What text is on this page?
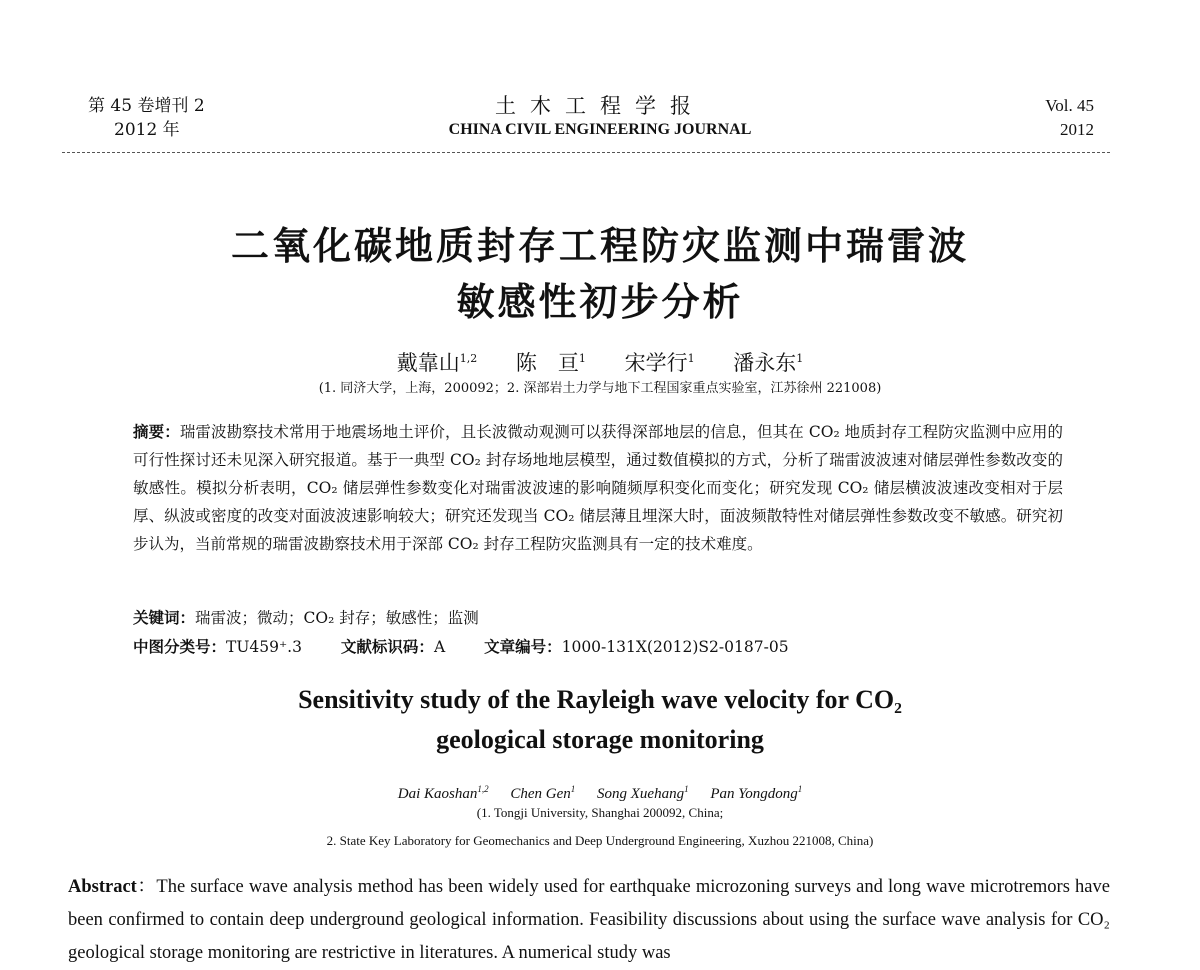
第 45 卷增刊 2
2012 年
土木工程学报
CHINA CIVIL ENGINEERING JOURNAL
Vol. 45
2012
二氧化碳地质封存工程防灾监测中瑞雷波
敏感性初步分析
戴靠山$^{1,2}$ 陈　亘$^1$ 宋学行$^1$ 潘永东$^1$
(1. 同济大学，上海，200092；2. 深部岩土力学与地下工程国家重点实验室，江苏徐州 221008)
摘要：瑞雷波勘察技术常用于地震场地土评价，且长波微动观测可以获得深部地层的信息，但其在 CO₂ 地质封存工程防灾监测中应用的可行性探讨还未见深入研究报道。基于一典型 CO₂ 封存场地地层模型，通过数值模拟的方式，分析了瑞雷波波速对储层弹性参数改变的敏感性。模拟分析表明，CO₂ 储层弹性参数变化对瑞雷波波速的影响随频厚积变化而变化；研究发现 CO₂ 储层横波波速改变相对于层厚、纵波或密度的改变对面波波速影响较大；研究还发现当 CO₂ 储层薄且埋深大时，面波频散特性对储层弹性参数改变不敏感。研究初步认为，当前常规的瑞雷波勘察技术用于深部 CO₂ 封存工程防灾监测具有一定的技术难度。
关键词：瑞雷波；微动；CO₂ 封存；敏感性；监测
中图分类号：TU459⁺.3	文献标识码：A	文章编号：1000-131X(2012)S2-0187-05
Sensitivity study of the Rayleigh wave velocity for CO₂
geological storage monitoring
Dai Kaoshan$^{1,2}$ Chen Gen$^1$ Song Xuehang$^1$ Pan Yongdong$^1$
(1. Tongji University, Shanghai 200092, China;
2. State Key Laboratory for Geomechanics and Deep Underground Engineering, Xuzhou 221008, China)
Abstract：The surface wave analysis method has been widely used for earthquake microzoning surveys and long wave microtremors have been confirmed to contain deep underground geological information. Feasibility discussions about using the surface wave analysis for CO₂ geological storage monitoring are restrictive in literatures. A numerical study was
